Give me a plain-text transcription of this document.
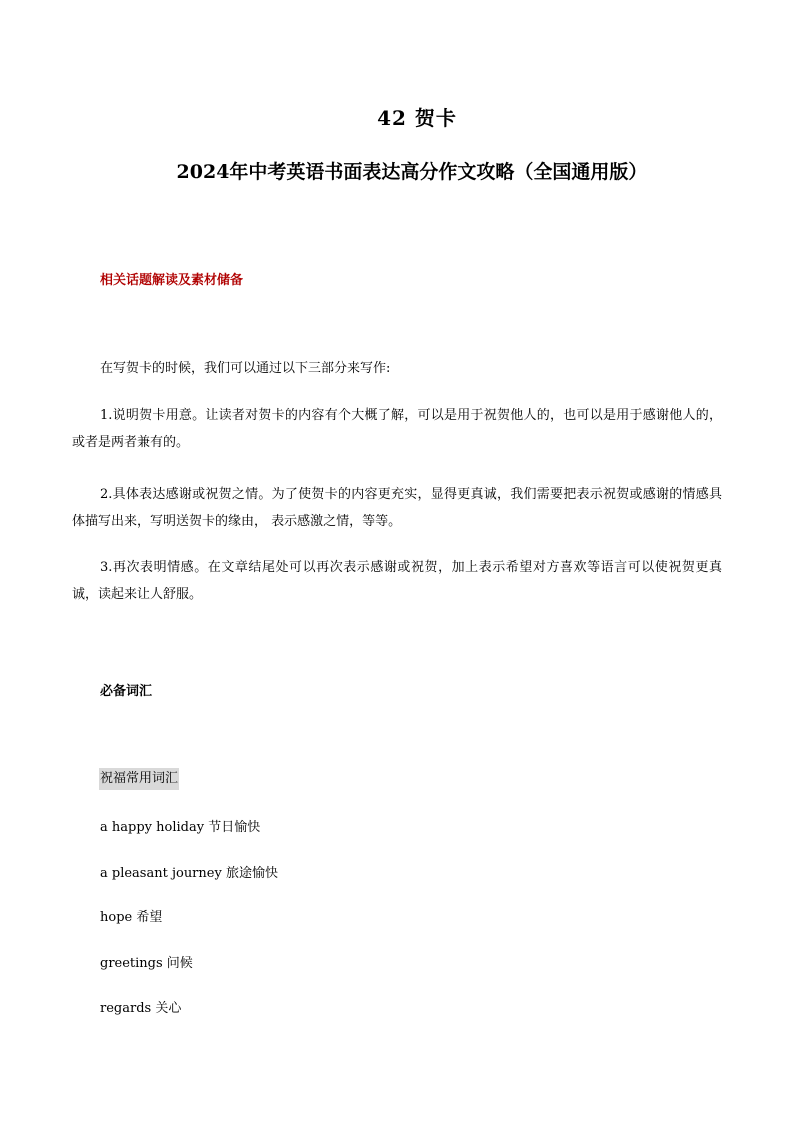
42 贺卡
2024年中考英语书面表达高分作文攻略（全国通用版）
相关话题解读及素材储备
在写贺卡的时候，我们可以通过以下三部分来写作:
1.说明贺卡用意。让读者对贺卡的内容有个大概了解，可以是用于祝贺他人的，也可以是用于感谢他人的，或者是两者兼有的。
2.具体表达感谢或祝贺之情。为了使贺卡的内容更充实，显得更真诚，我们需要把表示祝贺或感谢的情感具体描写出来，写明送贺卡的缘由， 表示感激之情，等等。
3.再次表明情感。在文章结尾处可以再次表示感谢或祝贺，加上表示希望对方喜欢等语言可以使祝贺更真诚，读起来让人舒服。
必备词汇
祝福常用词汇
a happy holiday 节日愉快
a pleasant journey 旅途愉快
hope 希望
greetings 问候
regards 关心
